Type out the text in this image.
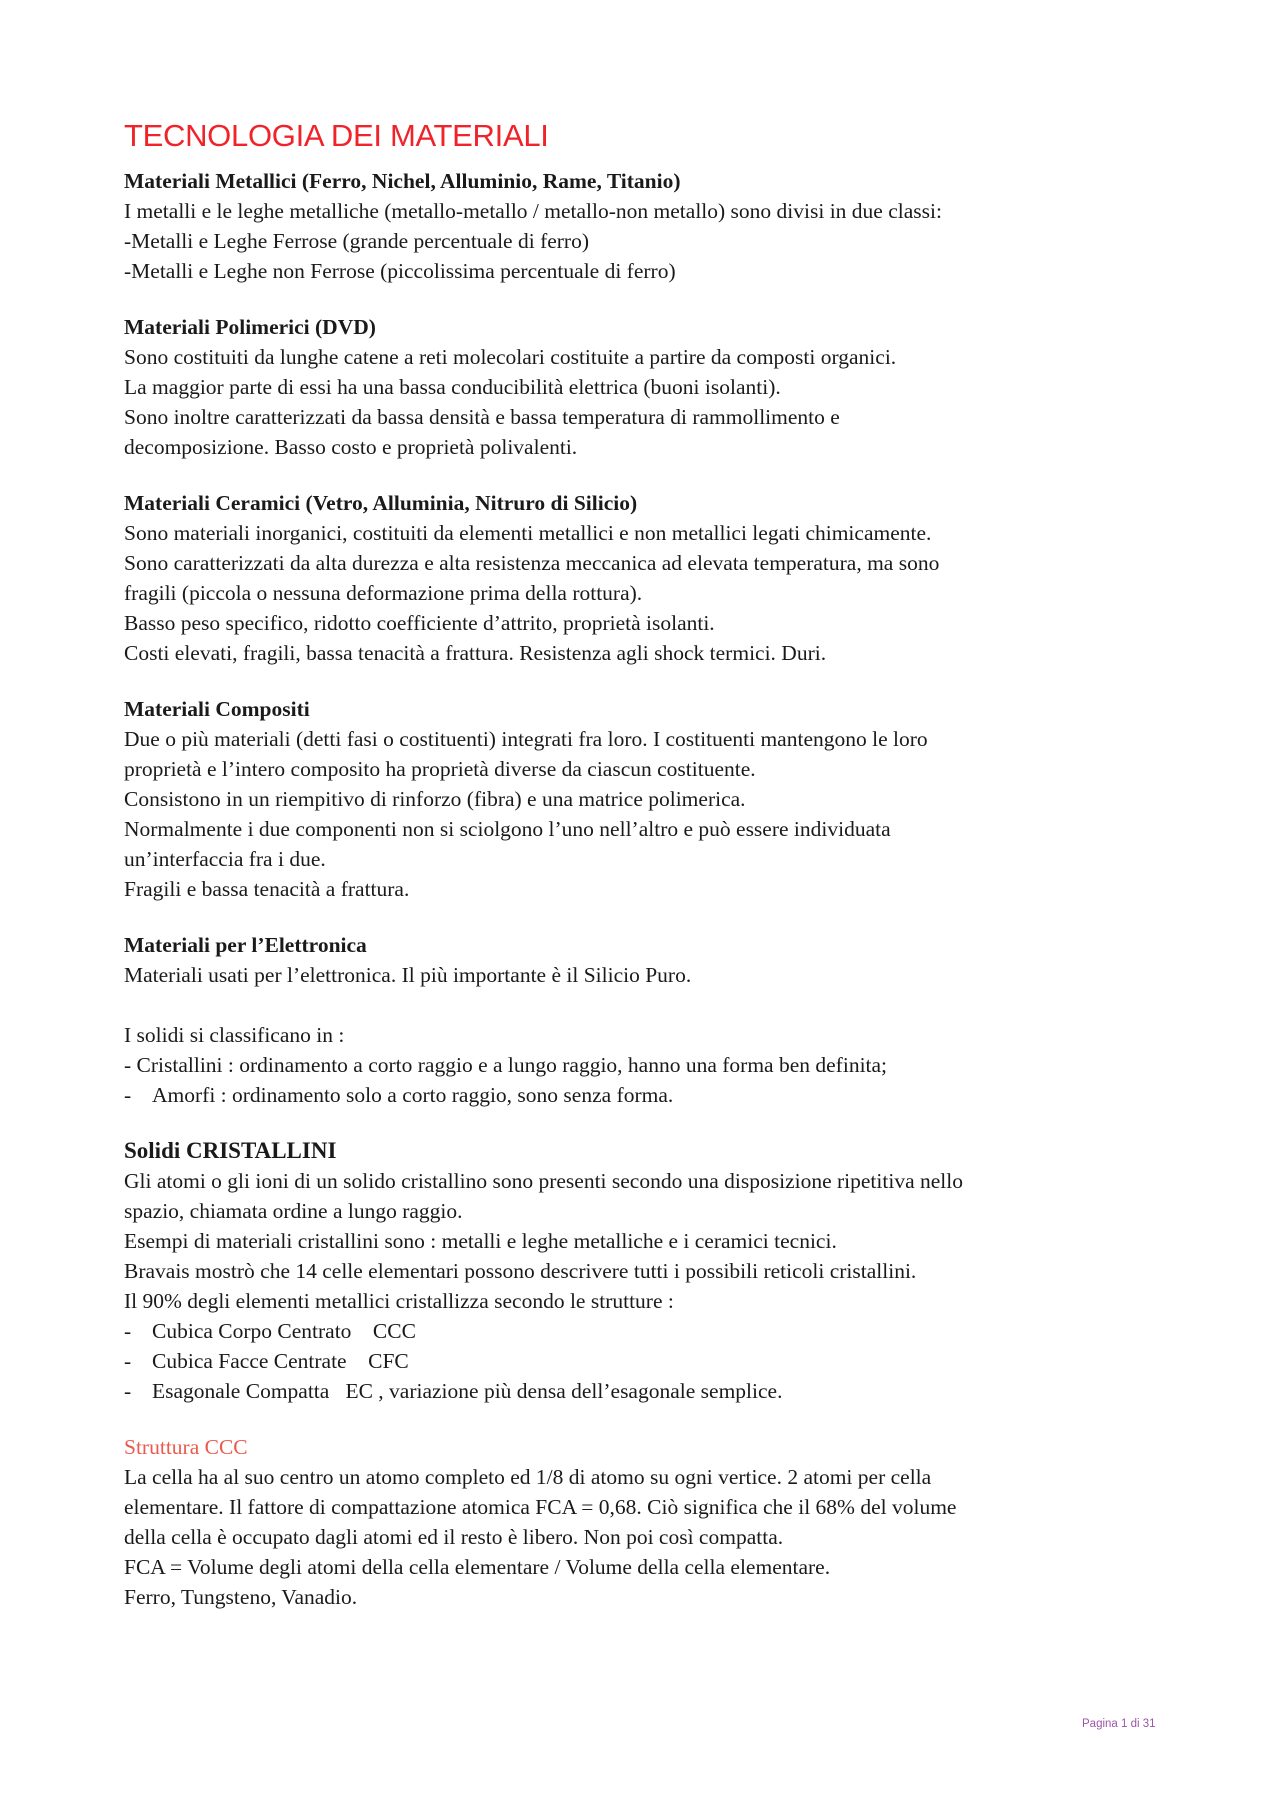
TECNOLOGIA DEI MATERIALI

Materiali Metallici (Ferro, Nichel, Alluminio, Rame, Titanio)

I metalli e le leghe metalliche (metallo-metallo / metallo-non metallo) sono divisi in due classi:

-Metalli e Leghe Ferrose (grande percentuale di ferro)

-Metalli e Leghe non Ferrose (piccolissima percentuale di ferro)

Materiali Polimerici (DVD)

Sono costituiti da lunghe catene a reti molecolari costituite a partire da composti organici.

La maggior parte di essi ha una bassa conducibilità elettrica (buoni isolanti).

Sono inoltre caratterizzati da bassa densità e bassa temperatura di rammollimento e

decomposizione. Basso costo e proprietà polivalenti.

Materiali Ceramici (Vetro, Alluminia, Nitruro di Silicio)

Sono materiali inorganici, costituiti da elementi metallici e non metallici legati chimicamente.

Sono caratterizzati da alta durezza e alta resistenza meccanica ad elevata temperatura, ma sono

fragili (piccola o nessuna deformazione prima della rottura).

Basso peso specifico, ridotto coefficiente d’attrito, proprietà isolanti.

Costi elevati, fragili, bassa tenacità a frattura. Resistenza agli shock termici. Duri.

Materiali Compositi

Due o più materiali (detti fasi o costituenti) integrati fra loro. I costituenti mantengono le loro

proprietà e l’intero composito ha proprietà diverse da ciascun costituente.

Consistono in un riempitivo di rinforzo (fibra) e una matrice polimerica.

Normalmente i due componenti non si sciolgono l’uno nell’altro e può essere individuata

un’interfaccia fra i due.

Fragili e bassa tenacità a frattura.

Materiali per l’Elettronica

Materiali usati per l’elettronica. Il più importante è il Silicio Puro.

I solidi si classificano in :

- Cristallini : ordinamento a corto raggio e a lungo raggio, hanno una forma ben definita;

- Amorfi : ordinamento solo a corto raggio, sono senza forma.

Solidi CRISTALLINI

Gli atomi o gli ioni di un solido cristallino sono presenti secondo una disposizione ripetitiva nello

spazio, chiamata ordine a lungo raggio.

Esempi di materiali cristallini sono : metalli e leghe metalliche e i ceramici tecnici.

Bravais mostrò che 14 celle elementari possono descrivere tutti i possibili reticoli cristallini.

Il 90% degli elementi metallici cristallizza secondo le strutture :

- Cubica Corpo Centrato    CCC
- Cubica Facce Centrate    CFC
- Esagonale Compatta   EC , variazione più densa dell’esagonale semplice.

Struttura CCC

La cella ha al suo centro un atomo completo ed 1/8 di atomo su ogni vertice. 2 atomi per cella

elementare. Il fattore di compattazione atomica FCA = 0,68. Ciò significa che il 68% del volume

della cella è occupato dagli atomi ed il resto è libero. Non poi così compatta.

FCA = Volume degli atomi della cella elementare / Volume della cella elementare.

Ferro, Tungsteno, Vanadio.

Pagina 1 di 31
